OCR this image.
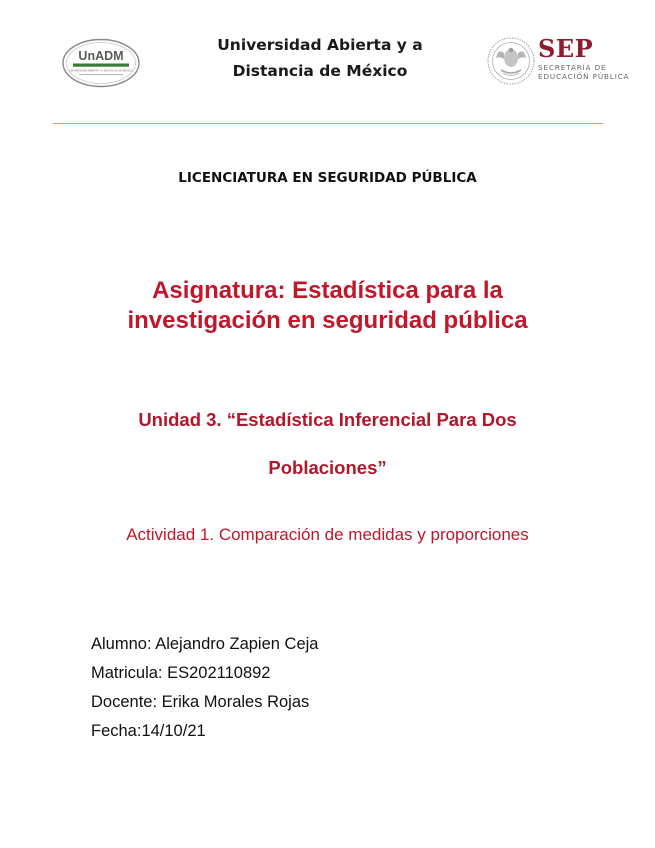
UnADM
UNIVERSIDAD ABIERTA Y A DISTANCIA DE MÉXICO
Universidad Abierta y a
Distancia de México
SEP
SECRETARÍA DE
EDUCACIÓN PÚBLICA
LICENCIATURA EN SEGURIDAD PÚBLICA
Asignatura: Estadística para la
investigación en seguridad pública
Unidad 3. “Estadística Inferencial Para Dos
Poblaciones”
Actividad 1. Comparación de medidas y proporciones
Alumno: Alejandro Zapien Ceja
Matricula: ES202110892
Docente: Erika Morales Rojas
Fecha:14/10/21
